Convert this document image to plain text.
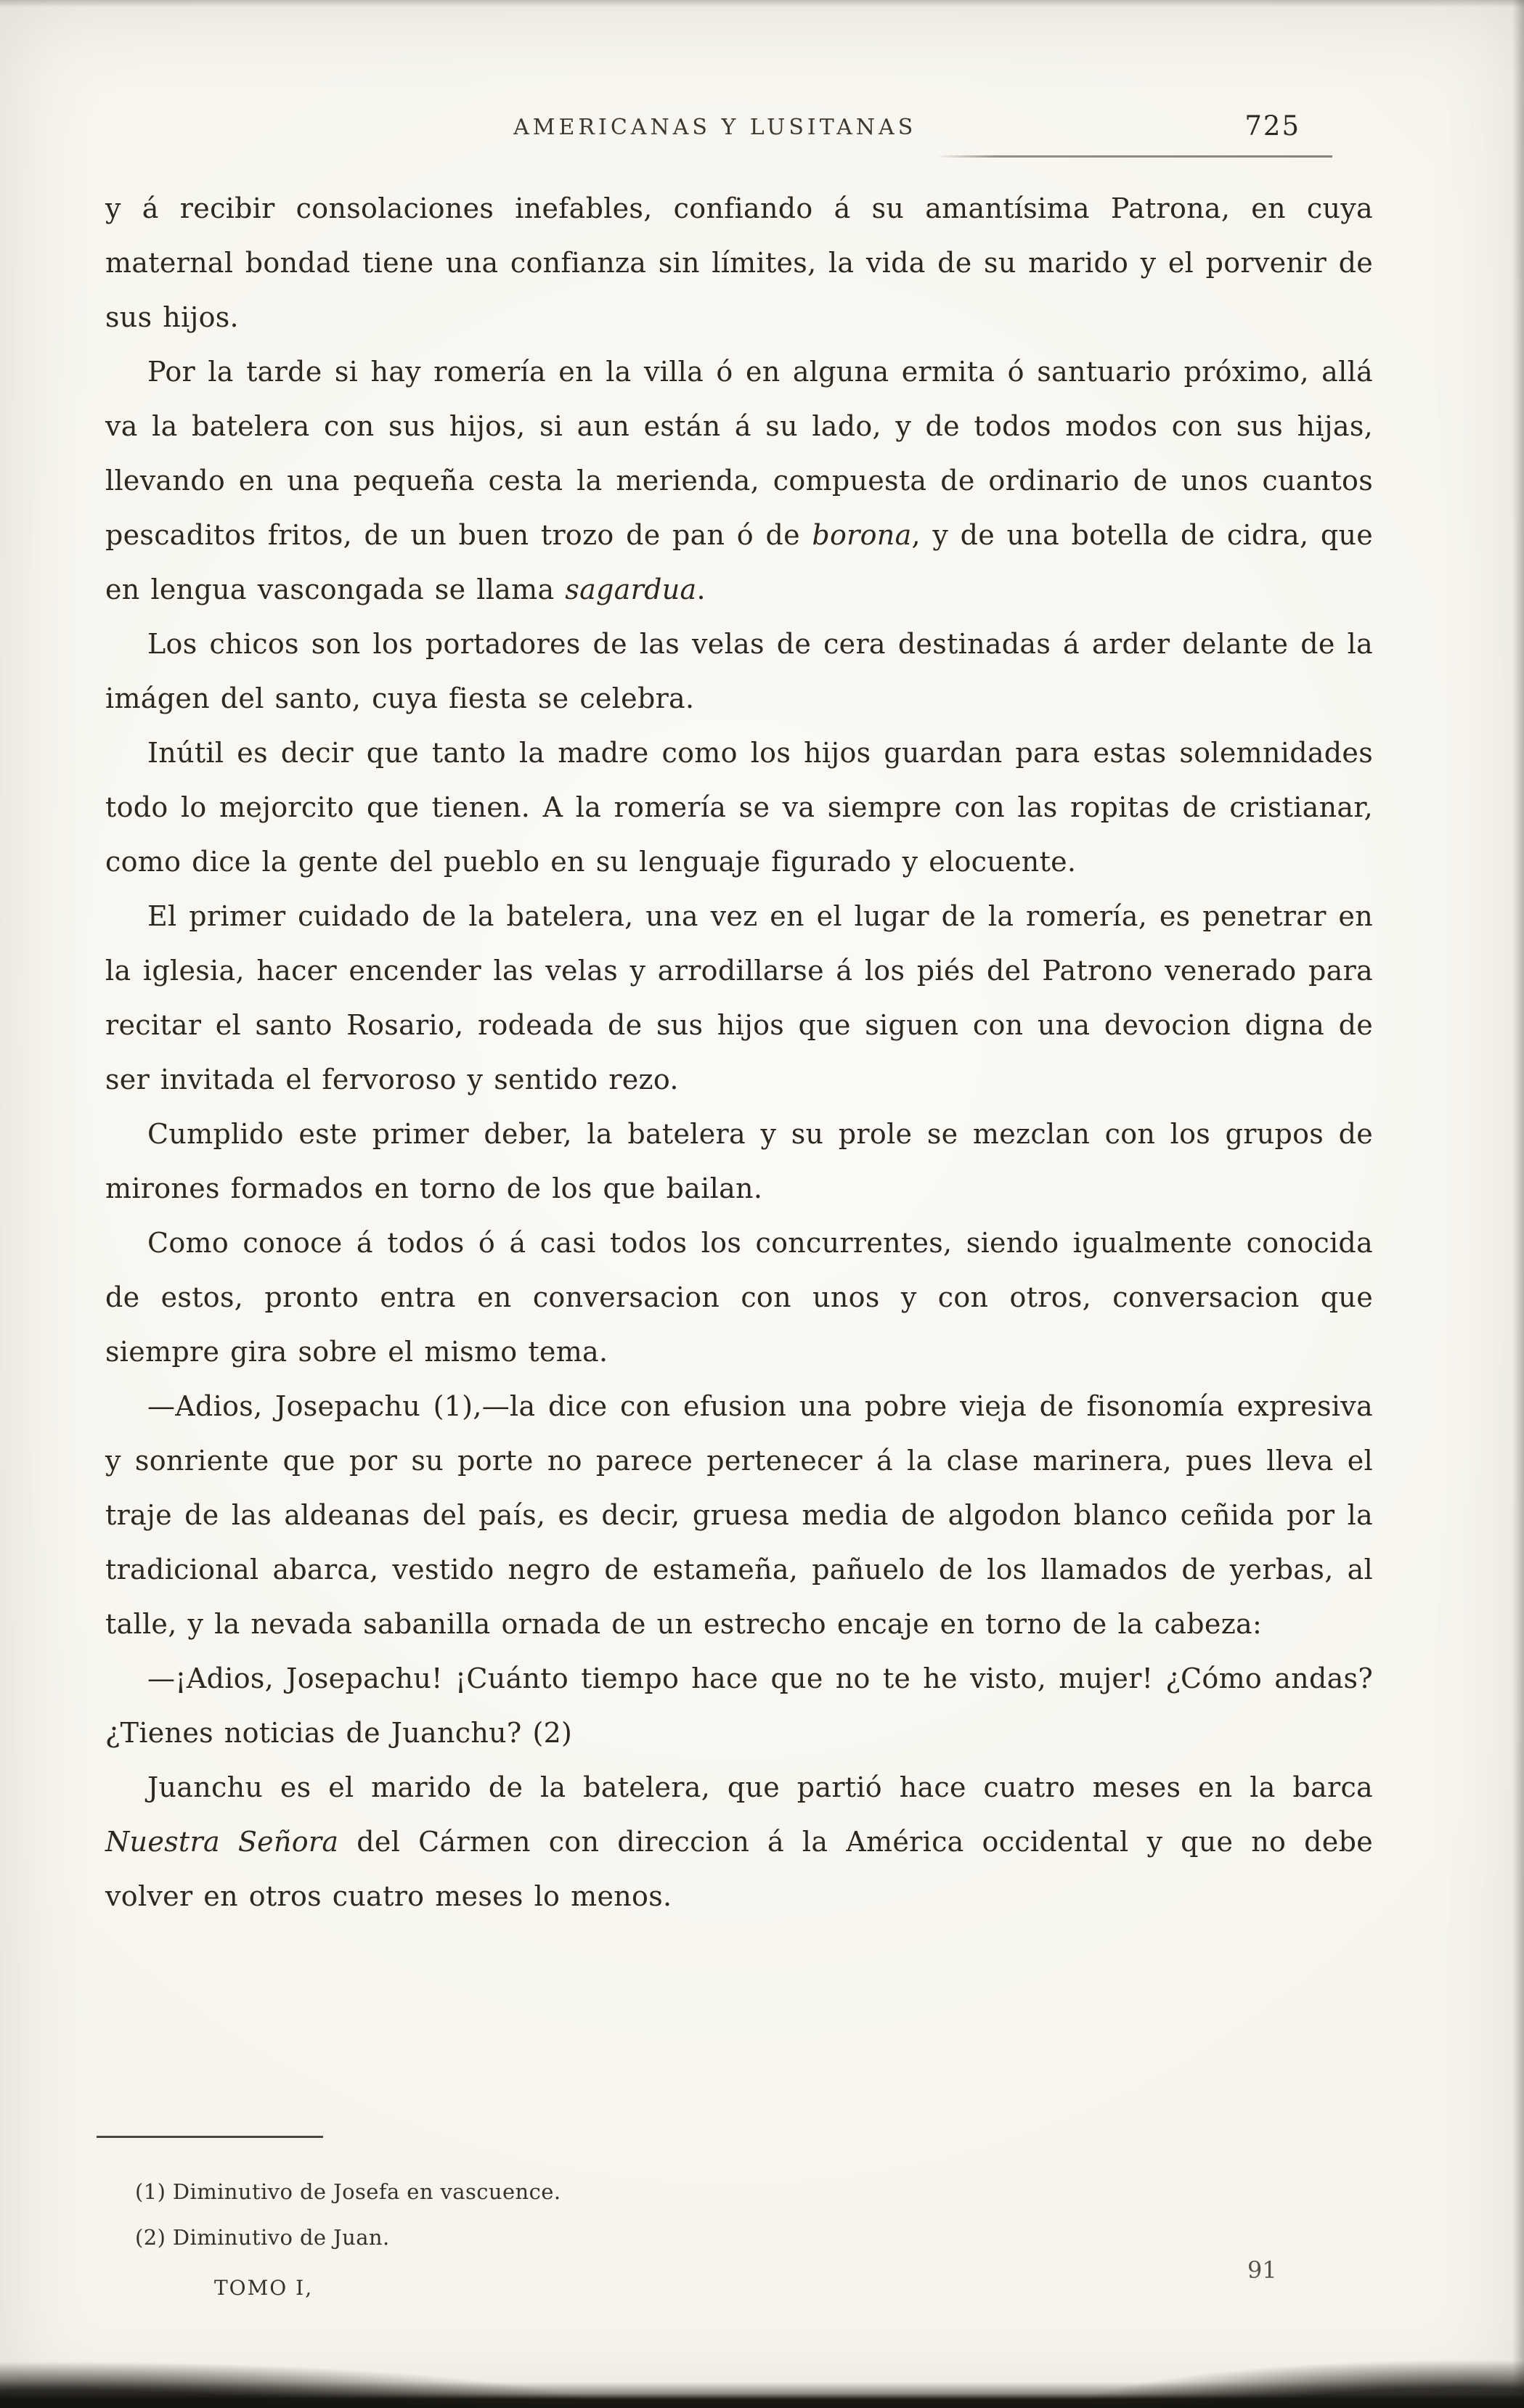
AMERICANAS Y LUSITANAS	725

y á recibir consolaciones inefables, confiando á su amantísima Patrona, en cuya maternal bondad tiene una confianza sin límites, la vida de su marido y el porvenir de sus hijos.

Por la tarde si hay romería en la villa ó en alguna ermita ó santuario próximo, allá va la batelera con sus hijos, si aun están á su lado, y de todos modos con sus hijas, llevando en una pequeña cesta la merienda, compuesta de ordinario de unos cuantos pescaditos fritos, de un buen trozo de pan ó de borona, y de una botella de cidra, que en lengua vascongada se llama sagardua.

Los chicos son los portadores de las velas de cera destinadas á arder delante de la imágen del santo, cuya fiesta se celebra.

Inútil es decir que tanto la madre como los hijos guardan para estas solemnidades todo lo mejorcito que tienen. A la romería se va siempre con las ropitas de cristianar, como dice la gente del pueblo en su lenguaje figurado y elocuente.

El primer cuidado de la batelera, una vez en el lugar de la romería, es penetrar en la iglesia, hacer encender las velas y arrodillarse á los piés del Patrono venerado para recitar el santo Rosario, rodeada de sus hijos que siguen con una devocion digna de ser invitada el fervoroso y sentido rezo.

Cumplido este primer deber, la batelera y su prole se mezclan con los grupos de mirones formados en torno de los que bailan.

Como conoce á todos ó á casi todos los concurrentes, siendo igualmente conocida de estos, pronto entra en conversacion con unos y con otros, conversacion que siempre gira sobre el mismo tema.

—Adios, Josepachu (1),—la dice con efusion una pobre vieja de fisonomía expresiva y sonriente que por su porte no parece pertenecer á la clase marinera, pues lleva el traje de las aldeanas del país, es decir, gruesa media de algodon blanco ceñida por la tradicional abarca, vestido negro de estameña, pañuelo de los llamados de yerbas, al talle, y la nevada sabanilla ornada de un estrecho encaje en torno de la cabeza:

—¡Adios, Josepachu! ¡Cuánto tiempo hace que no te he visto, mujer! ¿Cómo andas? ¿Tienes noticias de Juanchu? (2)

Juanchu es el marido de la batelera, que partió hace cuatro meses en la barca Nuestra Señora del Cármen con direccion á la América occidental y que no debe volver en otros cuatro meses lo menos.

(1) Diminutivo de Josefa en vascuence.
(2) Diminutivo de Juan.
TOMO I,
91
